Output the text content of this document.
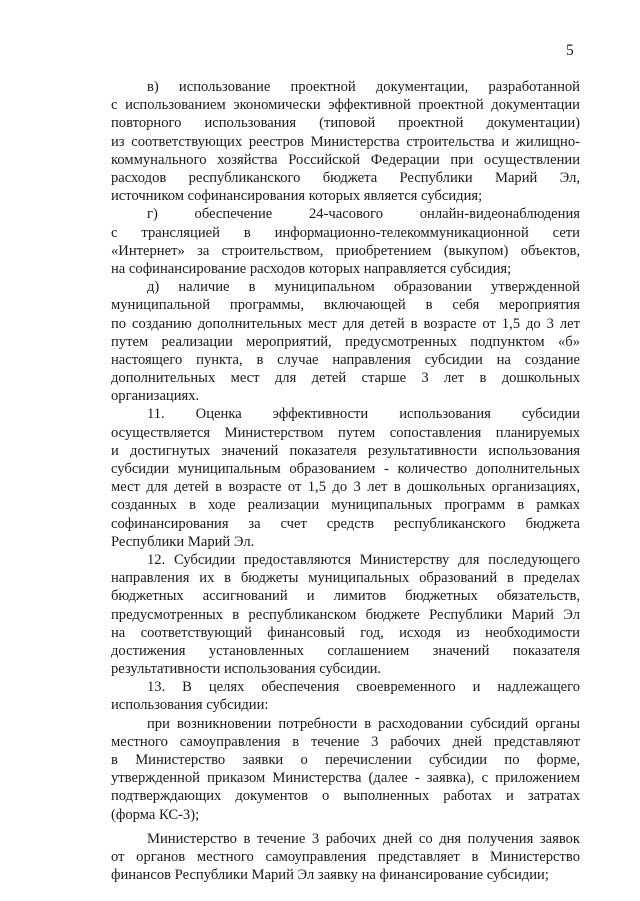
5
в) использование проектной документации, разработанной
с использованием экономически эффективной проектной документации
повторного использования (типовой проектной документации)
из соответствующих реестров Министерства строительства и жилищно-
коммунального хозяйства Российской Федерации при осуществлении
расходов республиканского бюджета Республики Марий Эл,
источником софинансирования которых является субсидия;
г) обеспечение 24-часового онлайн-видеонаблюдения
с трансляцией в информационно-телекоммуникационной сети
«Интернет» за строительством, приобретением (выкупом) объектов,
на софинансирование расходов которых направляется субсидия;
д) наличие в муниципальном образовании утвержденной
муниципальной программы, включающей в себя мероприятия
по созданию дополнительных мест для детей в возрасте от 1,5 до 3 лет
путем реализации мероприятий, предусмотренных подпунктом «б»
настоящего пункта, в случае направления субсидии на создание
дополнительных мест для детей старше 3 лет в дошкольных
организациях.
11. Оценка эффективности использования субсидии
осуществляется Министерством путем сопоставления планируемых
и достигнутых значений показателя результативности использования
субсидии муниципальным образованием - количество дополнительных
мест для детей в возрасте от 1,5 до 3 лет в дошкольных организациях,
созданных в ходе реализации муниципальных программ в рамках
софинансирования за счет средств республиканского бюджета
Республики Марий Эл.
12. Субсидии предоставляются Министерству для последующего
направления их в бюджеты муниципальных образований в пределах
бюджетных ассигнований и лимитов бюджетных обязательств,
предусмотренных в республиканском бюджете Республики Марий Эл
на соответствующий финансовый год, исходя из необходимости
достижения установленных соглашением значений показателя
результативности использования субсидии.
13. В целях обеспечения своевременного и надлежащего
использования субсидии:
при возникновении потребности в расходовании субсидий органы
местного самоуправления в течение 3 рабочих дней представляют
в Министерство заявки о перечислении субсидии по форме,
утвержденной приказом Министерства (далее - заявка), с приложением
подтверждающих документов о выполненных работах и затратах
(форма КС-3);
Министерство в течение 3 рабочих дней со дня получения заявок
от органов местного самоуправления представляет в Министерство
финансов Республики Марий Эл заявку на финансирование субсидии;
